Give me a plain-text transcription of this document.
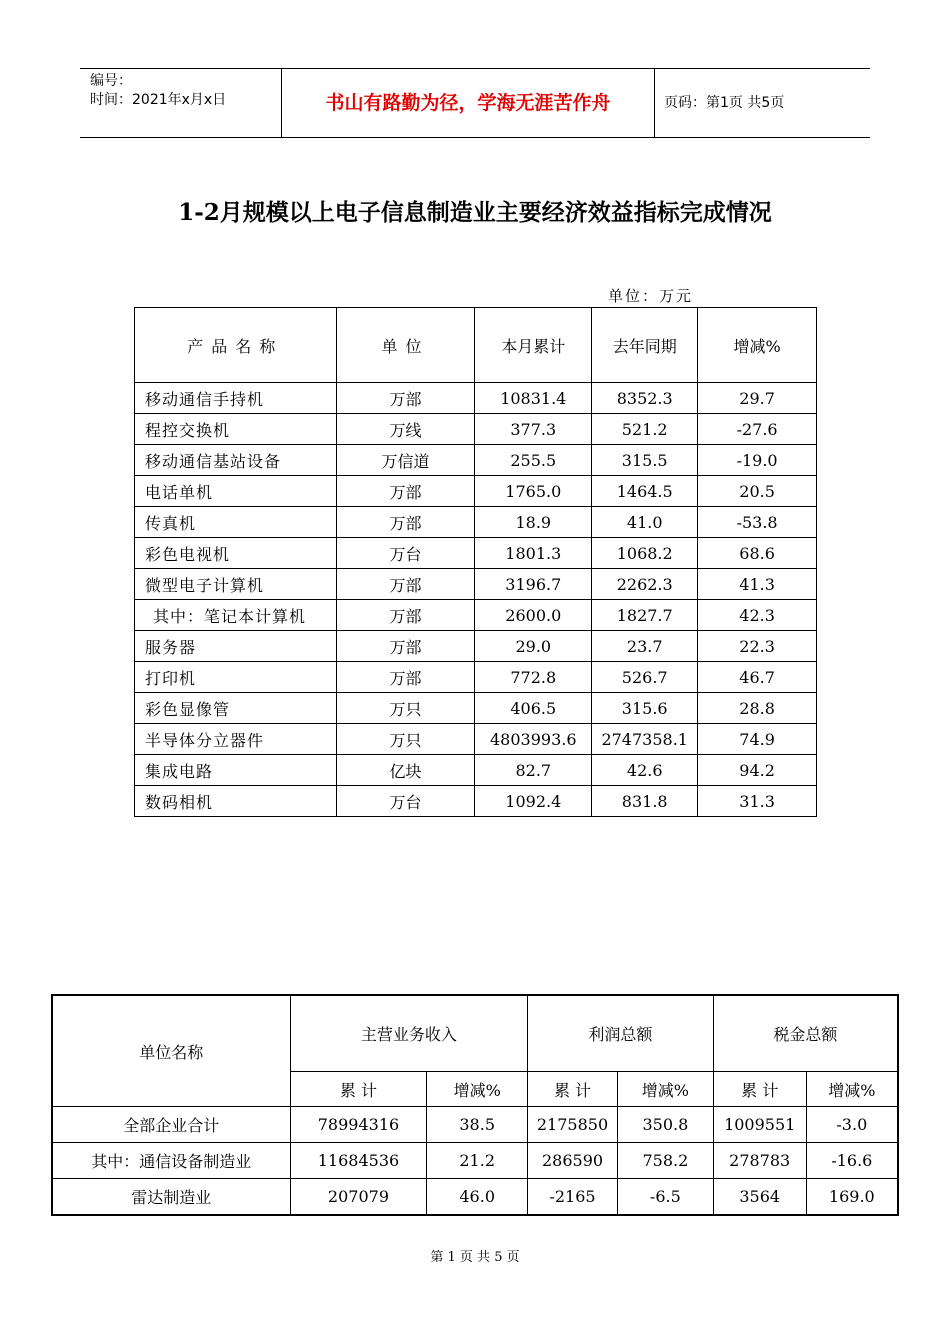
编号：
时间：2021年x月x日	书山有路勤为径，学海无涯苦作舟	页码：第1页 共5页
1-2月规模以上电子信息制造业主要经济效益指标完成情况
单位：万元
产品名称	单位	本月累计	去年同期	增减%
移动通信手持机	万部	10831.4	8352.3	29.7
程控交换机	万线	377.3	521.2	-27.6
移动通信基站设备	万信道	255.5	315.5	-19.0
电话单机	万部	1765.0	1464.5	20.5
传真机	万部	18.9	41.0	-53.8
彩色电视机	万台	1801.3	1068.2	68.6
微型电子计算机	万部	3196.7	2262.3	41.3
其中：笔记本计算机	万部	2600.0	1827.7	42.3
服务器	万部	29.0	23.7	22.3
打印机	万部	772.8	526.7	46.7
彩色显像管	万只	406.5	315.6	28.8
半导体分立器件	万只	4803993.6	2747358.1	74.9
集成电路	亿块	82.7	42.6	94.2
数码相机	万台	1092.4	831.8	31.3
单位名称	主营业务收入		利润总额		税金总额	
	累 计	增减%	累 计	增减%	累 计	增减%
全部企业合计	78994316	38.5	2175850	350.8	1009551	-3.0
其中：通信设备制造业	11684536	21.2	286590	758.2	278783	-16.6
雷达制造业	207079	46.0	-2165	-6.5	3564	169.0
第 1 页 共 5 页
